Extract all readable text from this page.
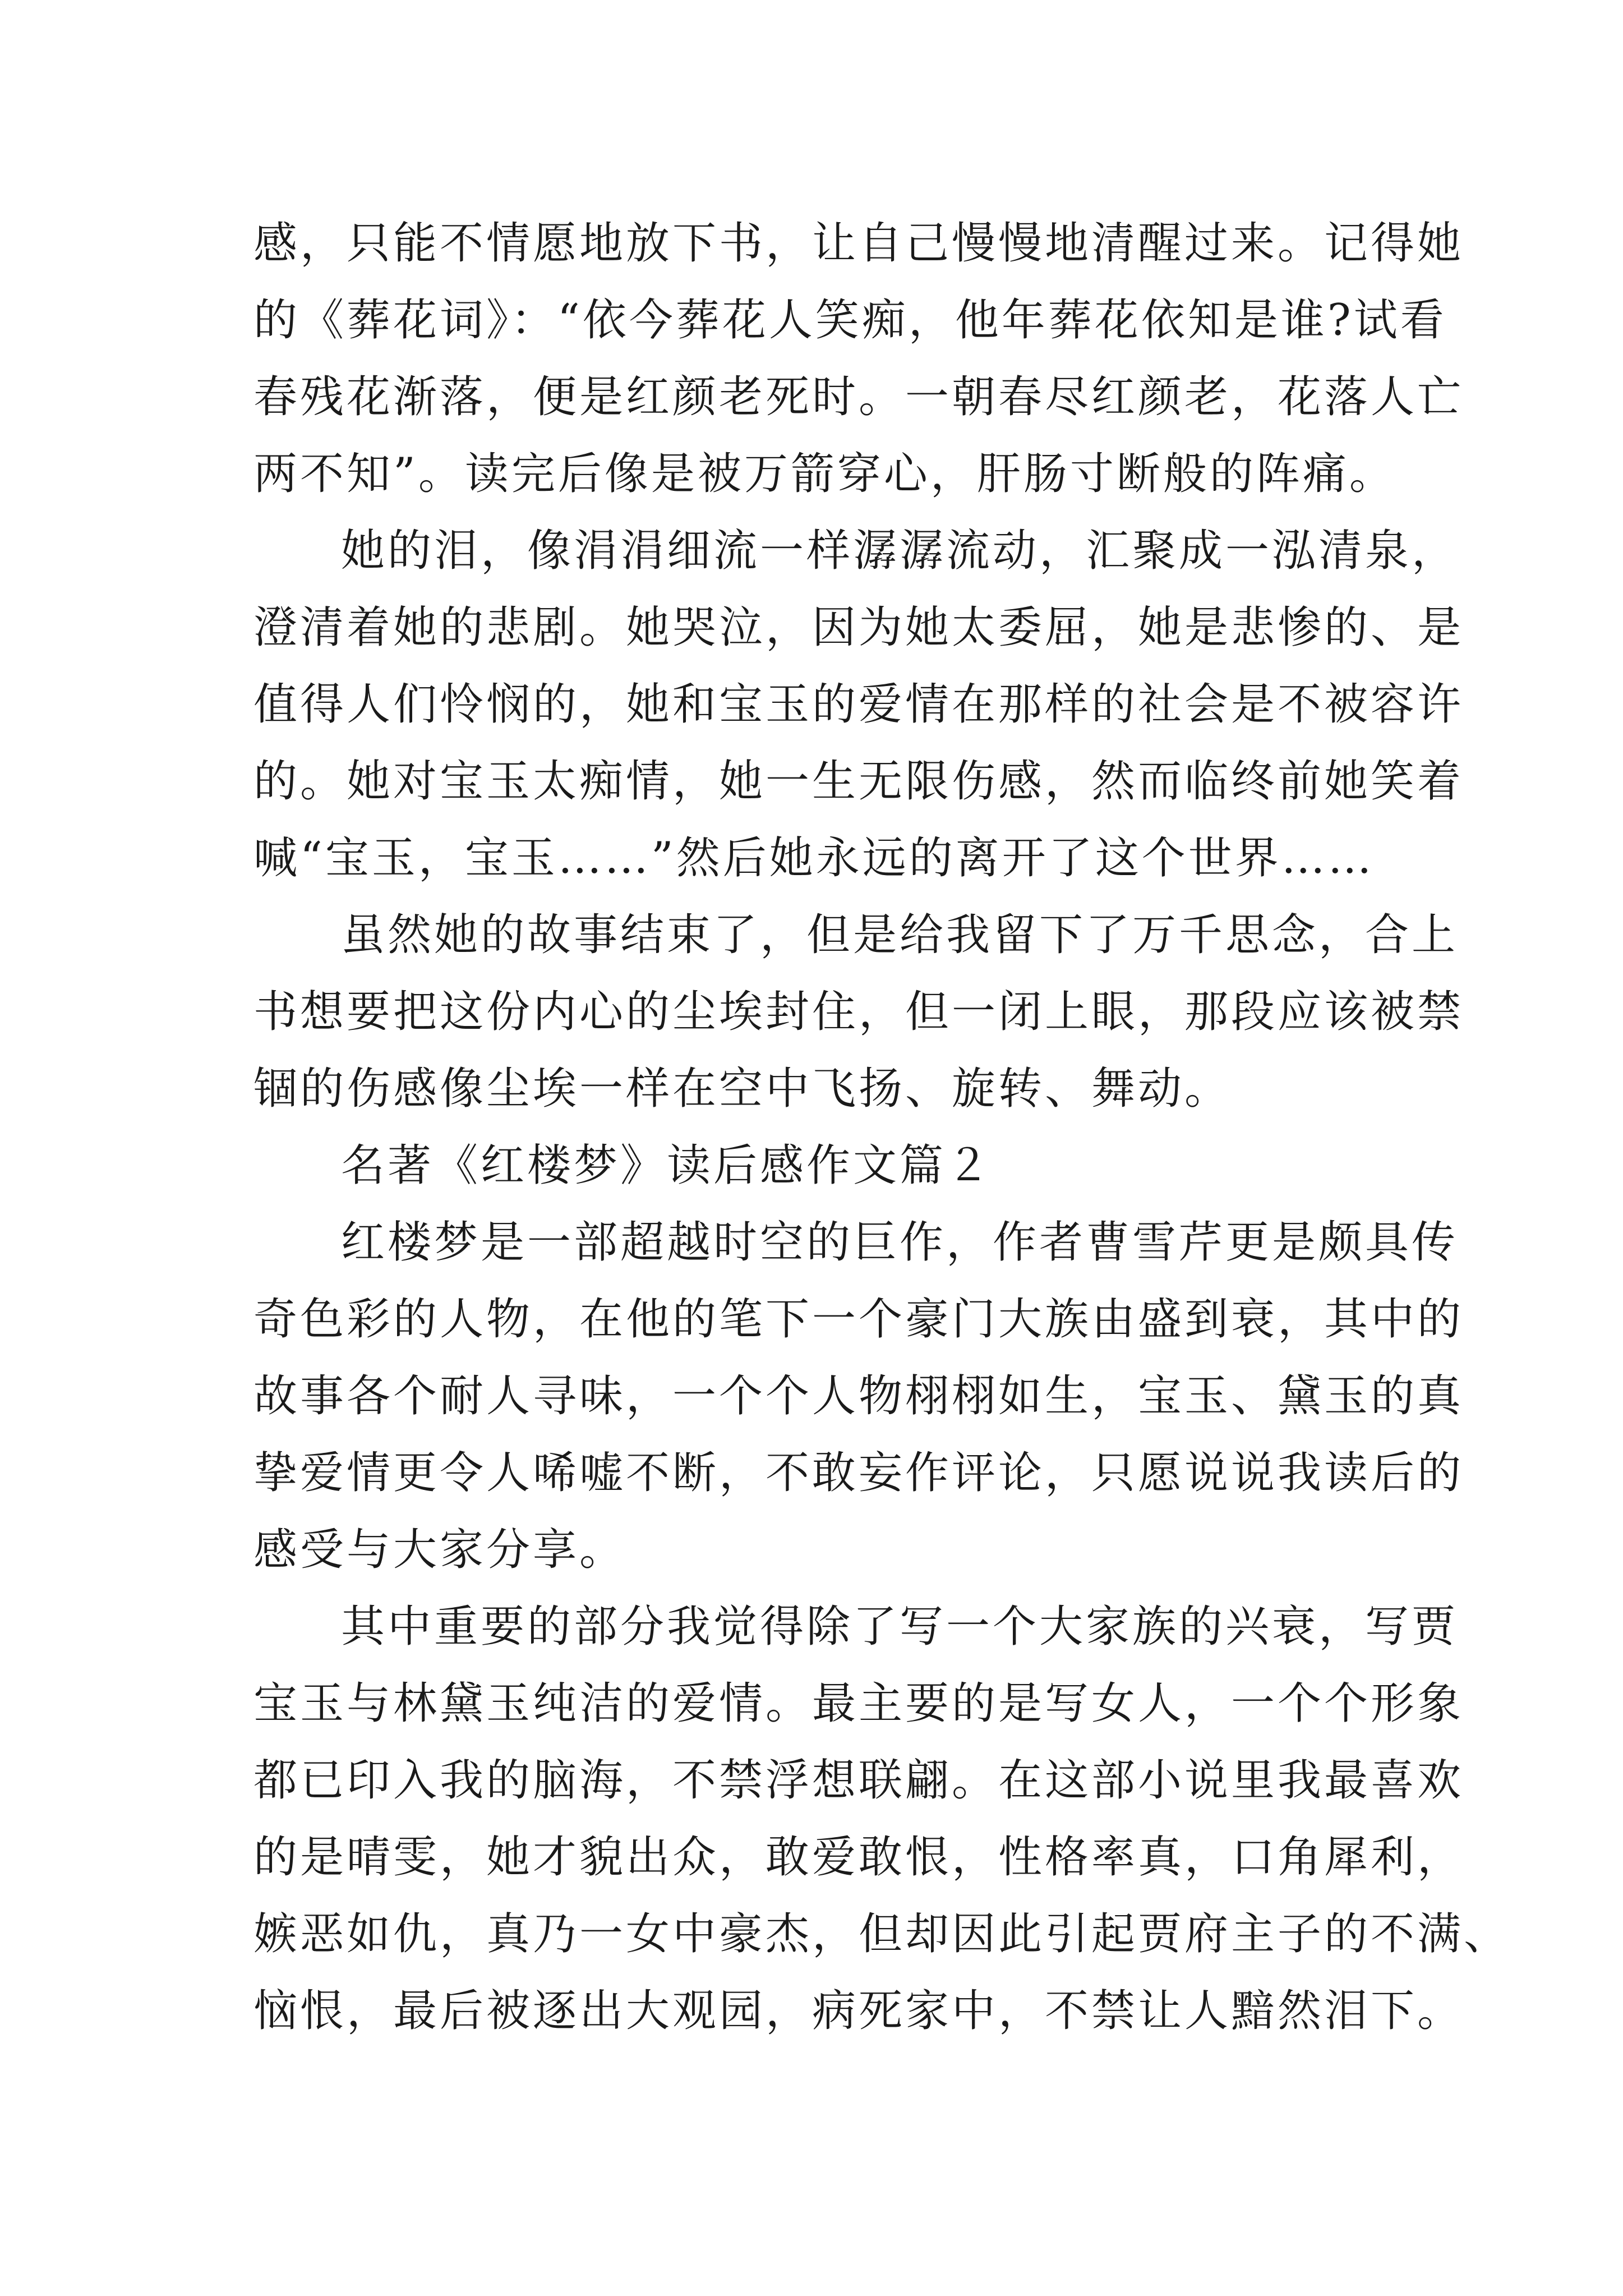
感，只能不情愿地放下书，让自己慢慢地清醒过来。记得她
的《葬花词》：“依今葬花人笑痴，他年葬花依知是谁?试看
春残花渐落，便是红颜老死时。一朝春尽红颜老，花落人亡
两不知”。读完后像是被万箭穿心，肝肠寸断般的阵痛。

她的泪，像涓涓细流一样潺潺流动，汇聚成一泓清泉，
澄清着她的悲剧。她哭泣，因为她太委屈，她是悲惨的、是
值得人们怜悯的，她和宝玉的爱情在那样的社会是不被容许
的。她对宝玉太痴情，她一生无限伤感，然而临终前她笑着
喊“宝玉，宝玉……”然后她永远的离开了这个世界……

虽然她的故事结束了，但是给我留下了万千思念，合上
书想要把这份内心的尘埃封住，但一闭上眼，那段应该被禁
锢的伤感像尘埃一样在空中飞扬、旋转、舞动。

名著《红楼梦》读后感作文篇２

红楼梦是一部超越时空的巨作，作者曹雪芹更是颇具传
奇色彩的人物，在他的笔下一个豪门大族由盛到衰，其中的
故事各个耐人寻味，一个个人物栩栩如生，宝玉、黛玉的真
挚爱情更令人唏嘘不断，不敢妄作评论，只愿说说我读后的
感受与大家分享。

其中重要的部分我觉得除了写一个大家族的兴衰，写贾
宝玉与林黛玉纯洁的爱情。最主要的是写女人，一个个形象
都已印入我的脑海，不禁浮想联翩。在这部小说里我最喜欢
的是晴雯，她才貌出众，敢爱敢恨，性格率真，口角犀利，
嫉恶如仇，真乃一女中豪杰，但却因此引起贾府主子的不满、
恼恨，最后被逐出大观园，病死家中，不禁让人黯然泪下。
